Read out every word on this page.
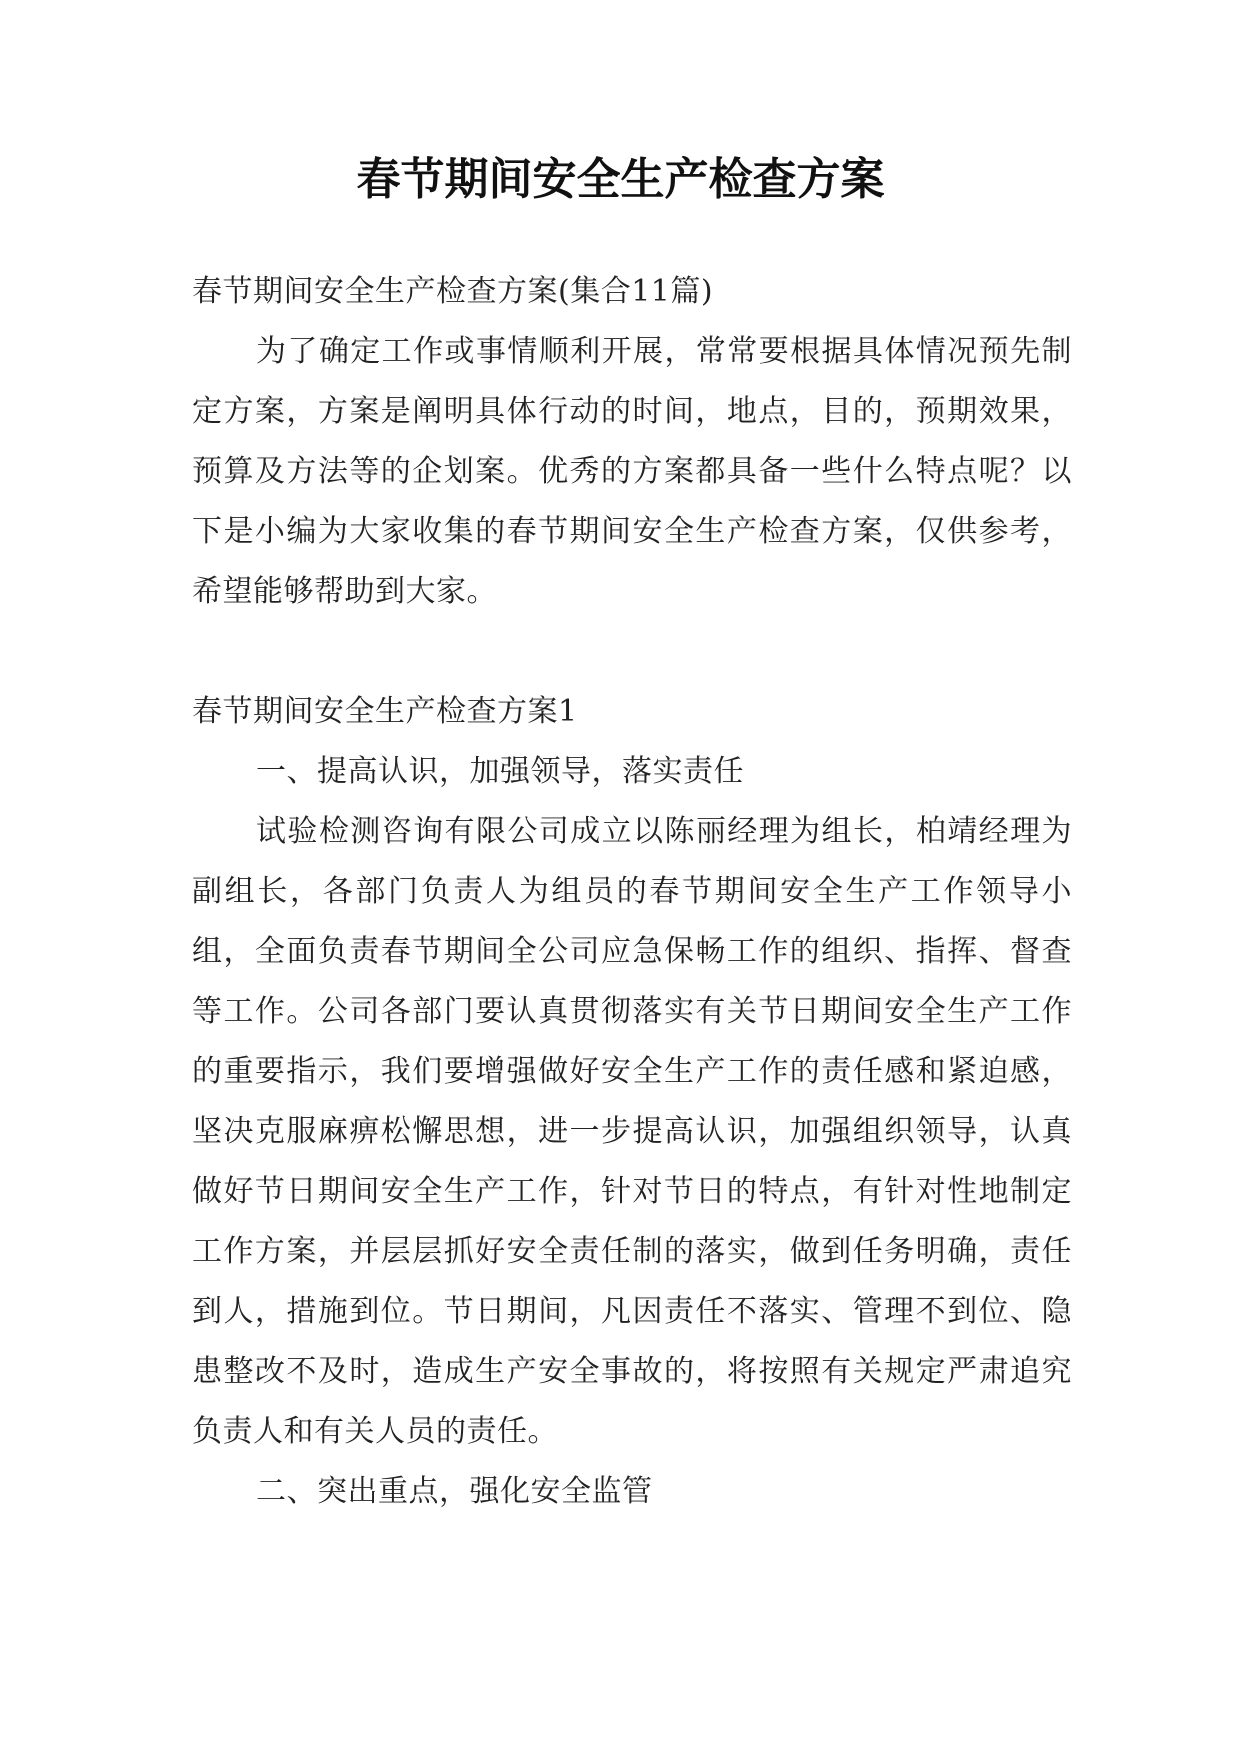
春节期间安全生产检查方案

春节期间安全生产检查方案(集合11篇)

为了确定工作或事情顺利开展，常常要根据具体情况预先制定方案，方案是阐明具体行动的时间，地点，目的，预期效果，预算及方法等的企划案。优秀的方案都具备一些什么特点呢？以下是小编为大家收集的春节期间安全生产检查方案，仅供参考，希望能够帮助到大家。

春节期间安全生产检查方案1

一、提高认识，加强领导，落实责任

试验检测咨询有限公司成立以陈丽经理为组长，柏靖经理为副组长，各部门负责人为组员的春节期间安全生产工作领导小组，全面负责春节期间全公司应急保畅工作的组织、指挥、督查等工作。公司各部门要认真贯彻落实有关节日期间安全生产工作的重要指示，我们要增强做好安全生产工作的责任感和紧迫感，坚决克服麻痹松懈思想，进一步提高认识，加强组织领导，认真做好节日期间安全生产工作，针对节日的特点，有针对性地制定工作方案，并层层抓好安全责任制的落实，做到任务明确，责任到人，措施到位。节日期间，凡因责任不落实、管理不到位、隐患整改不及时，造成生产安全事故的，将按照有关规定严肃追究负责人和有关人员的责任。

二、突出重点，强化安全监管
